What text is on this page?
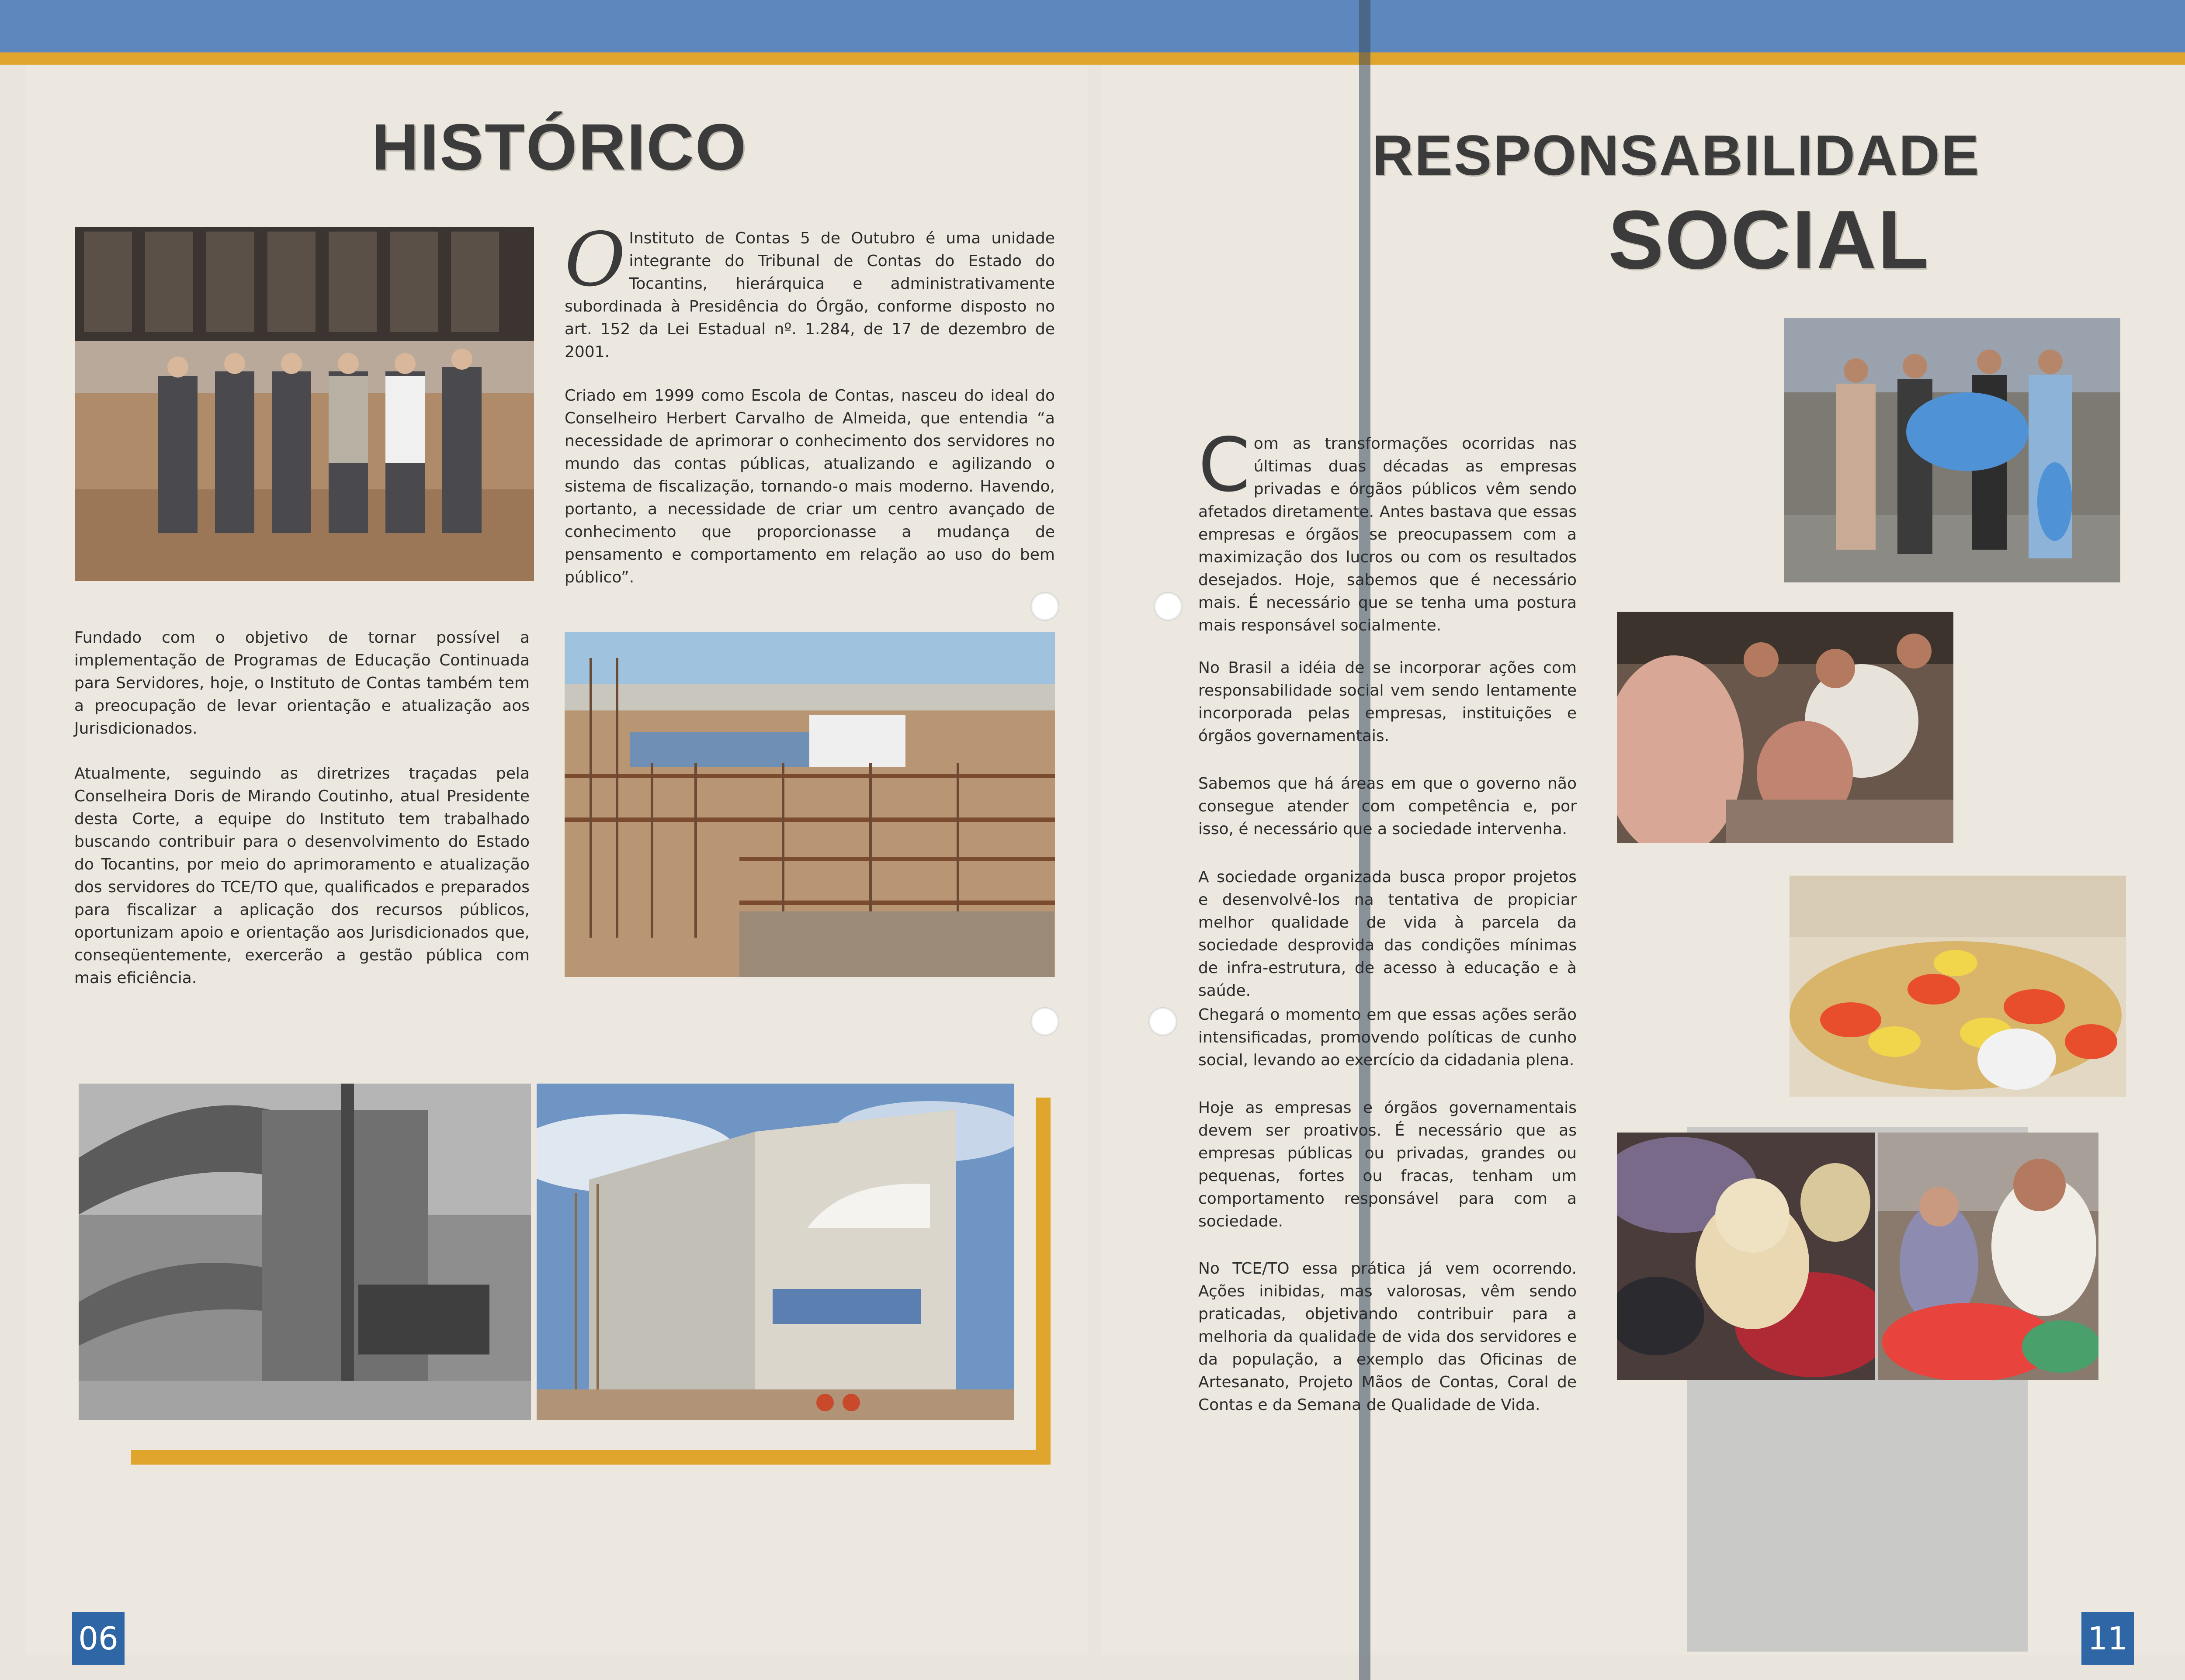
HISTÓRICO
O Instituto de Contas 5 de Outubro é uma unidade integrante do Tribunal de Contas do Estado do Tocantins, hierárquica e administrativamente subordinada à Presidência do Órgão, conforme disposto no art. 152 da Lei Estadual nº. 1.284, de 17 de dezembro de 2001.

Criado em 1999 como Escola de Contas, nasceu do ideal do Conselheiro Herbert Carvalho de Almeida, que entendia “a necessidade de aprimorar o conhecimento dos servidores no mundo das contas públicas, atualizando e agilizando o sistema de fiscalização, tornando-o mais moderno. Havendo, portanto, a necessidade de criar um centro avançado de conhecimento que proporcionasse a mudança de pensamento e comportamento em relação ao uso do bem público”.

Fundado com o objetivo de tornar possível a implementação de Programas de Educação Continuada para Servidores, hoje, o Instituto de Contas também tem a preocupação de levar orientação e atualização aos Jurisdicionados.

Atualmente, seguindo as diretrizes traçadas pela Conselheira Doris de Mirando Coutinho, atual Presidente desta Corte, a equipe do Instituto tem trabalhado buscando contribuir para o desenvolvimento do Estado do Tocantins, por meio do aprimoramento e atualização dos servidores do TCE/TO que, qualificados e preparados para fiscalizar a aplicação dos recursos públicos, oportunizam apoio e orientação aos Jurisdicionados que, conseqüentemente, exercerão a gestão pública com mais eficiência.

06
RESPONSABILIDADE
SOCIAL
C om as transformações ocorridas nas últimas duas décadas as empresas privadas e órgãos públicos vêm sendo afetados diretamente. Antes bastava que essas empresas e órgãos se preocupassem com a maximização dos lucros ou com os resultados desejados. Hoje, sabemos que é necessário mais. É necessário que se tenha uma postura mais responsável socialmente.

No Brasil a idéia de se incorporar ações com responsabilidade social vem sendo lentamente incorporada pelas empresas, instituições e órgãos governamentais.

Sabemos que há áreas em que o governo não consegue atender com competência e, por isso, é necessário que a sociedade intervenha.

A sociedade organizada busca propor projetos e desenvolvê-los na tentativa de propiciar melhor qualidade de vida à parcela da sociedade desprovida das condições mínimas de infra-estrutura, de acesso à educação e à saúde.

Chegará o momento em que essas ações serão intensificadas, promovendo políticas de cunho social, levando ao exercício da cidadania plena.

Hoje as empresas e órgãos governamentais devem ser proativos. É necessário que as empresas públicas ou privadas, grandes ou pequenas, fortes ou fracas, tenham um comportamento responsável para com a sociedade.

No TCE/TO essa prática já vem ocorrendo. Ações inibidas, mas valorosas, vêm sendo praticadas, objetivando contribuir para a melhoria da qualidade de vida dos servidores e da população, a exemplo das Oficinas de Artesanato, Projeto Mãos de Contas, Coral de Contas e da Semana de Qualidade de Vida.

11
